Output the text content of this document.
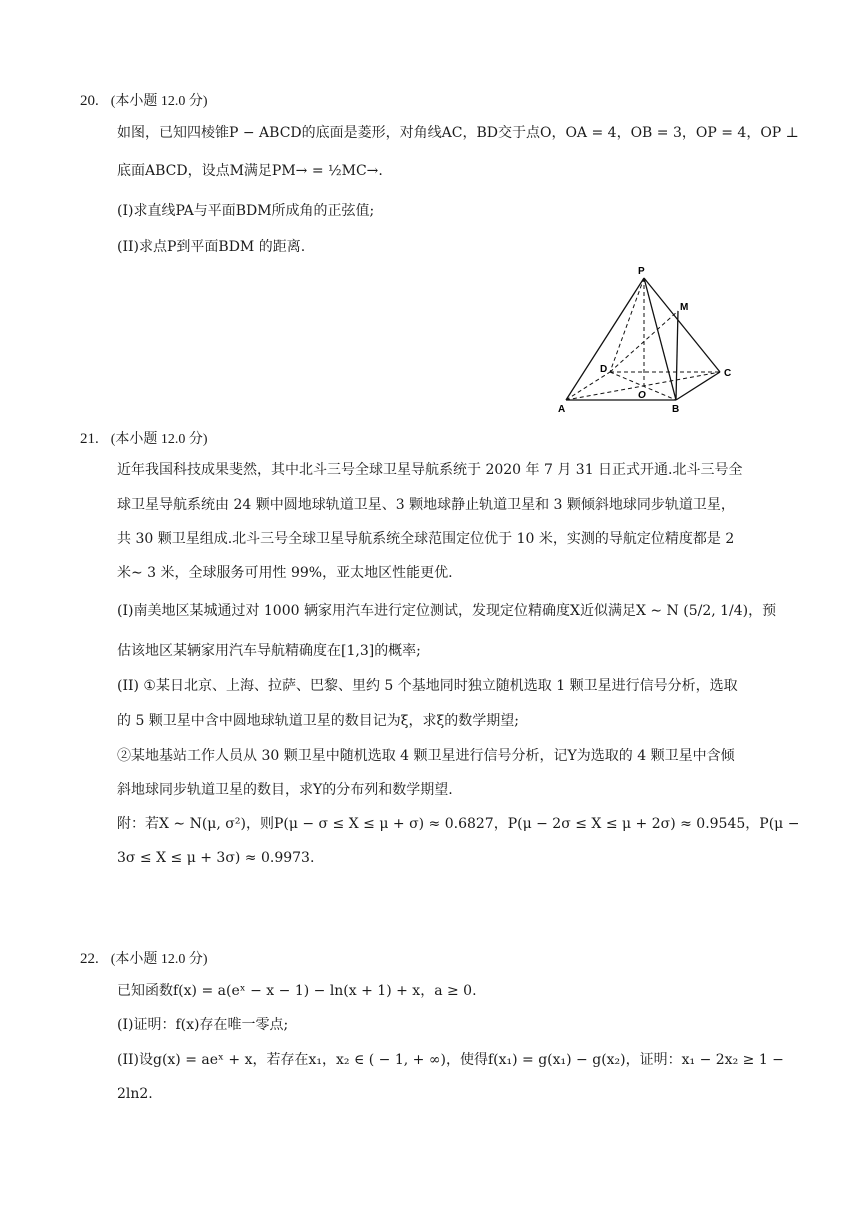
20. (本小题 12.0 分)
如图，已知四棱锥P − ABCD的底面是菱形，对角线AC，BD交于点O，OA = 4，OB = 3，OP = 4，OP ⊥
底面ABCD，设点M满足PM→ = ½MC→.
(I)求直线PA与平面BDM所成角的正弦值;
(II)求点P到平面BDM 的距离.
P
M
D	C
A	B
O
21. (本小题 12.0 分)
近年我国科技成果斐然，其中北斗三号全球卫星导航系统于 2020 年 7 月 31 日正式开通.北斗三号全
球卫星导航系统由 24 颗中圆地球轨道卫星、3 颗地球静止轨道卫星和 3 颗倾斜地球同步轨道卫星，
共 30 颗卫星组成.北斗三号全球卫星导航系统全球范围定位优于 10 米，实测的导航定位精度都是 2
米∼ 3 米，全球服务可用性 99%，亚太地区性能更优.
(I)南美地区某城通过对 1000 辆家用汽车进行定位测试，发现定位精确度X近似满足X ∼ N (5/2, 1/4)，预
估该地区某辆家用汽车导航精确度在[1,3]的概率;
(II) ①某日北京、上海、拉萨、巴黎、里约 5 个基地同时独立随机选取 1 颗卫星进行信号分析，选取
的 5 颗卫星中含中圆地球轨道卫星的数目记为ξ，求ξ的数学期望;
②某地基站工作人员从 30 颗卫星中随机选取 4 颗卫星进行信号分析，记Y为选取的 4 颗卫星中含倾
斜地球同步轨道卫星的数目，求Y的分布列和数学期望.
附：若X ∼ N(μ, σ²)，则P(μ − σ ≤ X ≤ μ + σ) ≈ 0.6827，P(μ − 2σ ≤ X ≤ μ + 2σ) ≈ 0.9545，P(μ −
3σ ≤ X ≤ μ + 3σ) ≈ 0.9973.
22. (本小题 12.0 分)
已知函数f(x) = a(eˣ − x − 1) − ln(x + 1) + x，a ≥ 0.
(I)证明：f(x)存在唯一零点;
(II)设g(x) = aeˣ + x，若存在x₁，x₂ ∈ ( − 1, + ∞)，使得f(x₁) = g(x₁) − g(x₂)，证明：x₁ − 2x₂ ≥ 1 −
2ln2.
